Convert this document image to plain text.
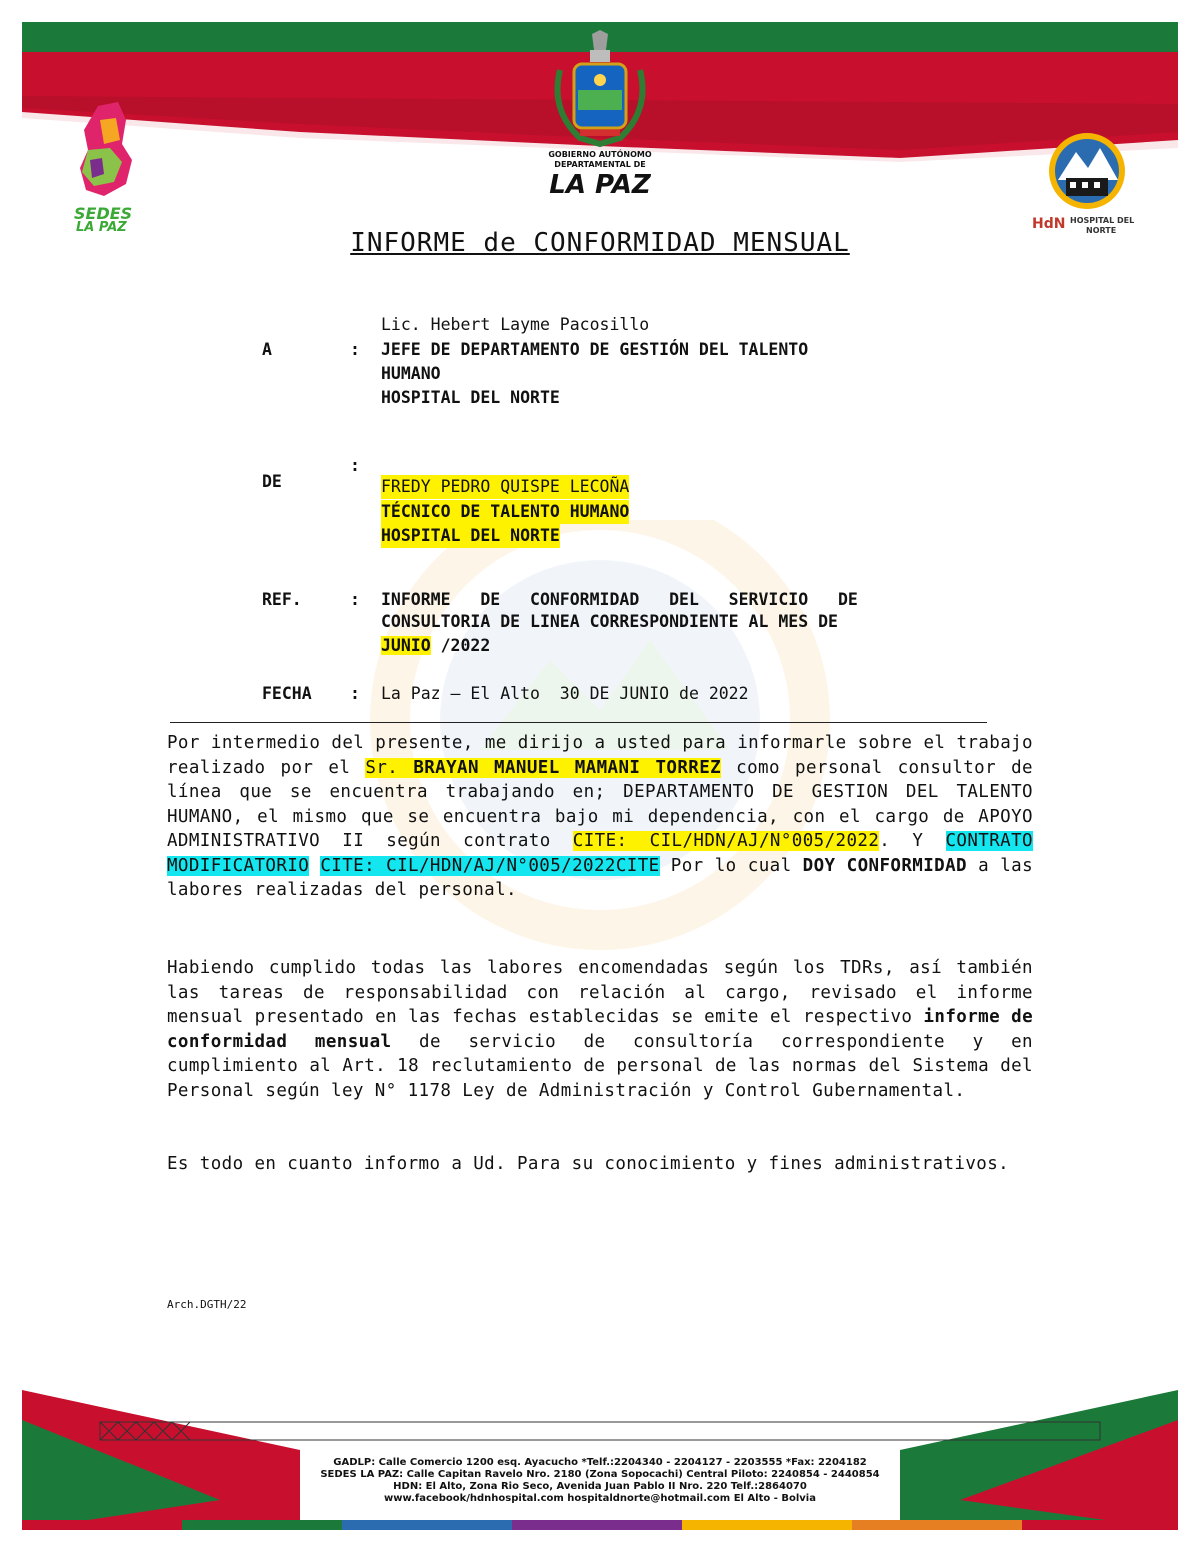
SEDES
LA PAZ
GOBIERNO AUTÓNOMO
DEPARTAMENTAL DE
LA PAZ
HdN HOSPITAL DEL
NORTE
INFORME de CONFORMIDAD MENSUAL
A	:
Lic. Hebert Layme Pacosillo
JEFE DE DEPARTAMENTO DE GESTIÓN DEL TALENTO
HUMANO
HOSPITAL DEL NORTE
:
DE	FREDY PEDRO QUISPE LECOÑA
TÉCNICO DE TALENTO HUMANO
HOSPITAL DEL NORTE
REF.	: INFORME   DE   CONFORMIDAD   DEL   SERVICIO   DE
CONSULTORIA DE LINEA CORRESPONDIENTE AL MES DE
JUNIO /2022
FECHA : La Paz – El Alto  30 DE JUNIO de 2022
Por intermedio del presente, me dirijo a usted para informarle sobre el trabajo realizado por el Sr. BRAYAN MANUEL MAMANI TORREZ como personal consultor de línea que se encuentra trabajando en; DEPARTAMENTO DE GESTION DEL TALENTO HUMANO, el mismo que se encuentra bajo mi dependencia, con el cargo de APOYO ADMINISTRATIVO II según contrato CITE: CIL/HDN/AJ/N°005/2022. Y CONTRATO MODIFICATORIO CITE: CIL/HDN/AJ/N°005/2022CITE Por lo cual DOY CONFORMIDAD a las labores realizadas del personal.
Habiendo cumplido todas las labores encomendadas según los TDRs, así también las tareas de responsabilidad con relación al cargo, revisado el informe mensual presentado en las fechas establecidas se emite el respectivo informe de conformidad mensual de servicio de consultoría correspondiente y en cumplimiento al Art. 18 reclutamiento de personal de las normas del Sistema del Personal según ley N° 1178 Ley de Administración y Control Gubernamental.
Es todo en cuanto informo a Ud. Para su conocimiento y fines administrativos.
Arch.DGTH/22
GADLP: Calle Comercio 1200 esq. Ayacucho *Telf.:2204340 - 2204127 - 2203555 *Fax: 2204182
SEDES LA PAZ: Calle Capitan Ravelo Nro. 2180 (Zona Sopocachi) Central Piloto: 2240854 - 2440854
HDN: El Alto, Zona Rio Seco, Avenida Juan Pablo II Nro. 220 Telf.:2864070
www.facebook/hdnhospital.com hospitaldnorte@hotmail.com El Alto - Bolvia
